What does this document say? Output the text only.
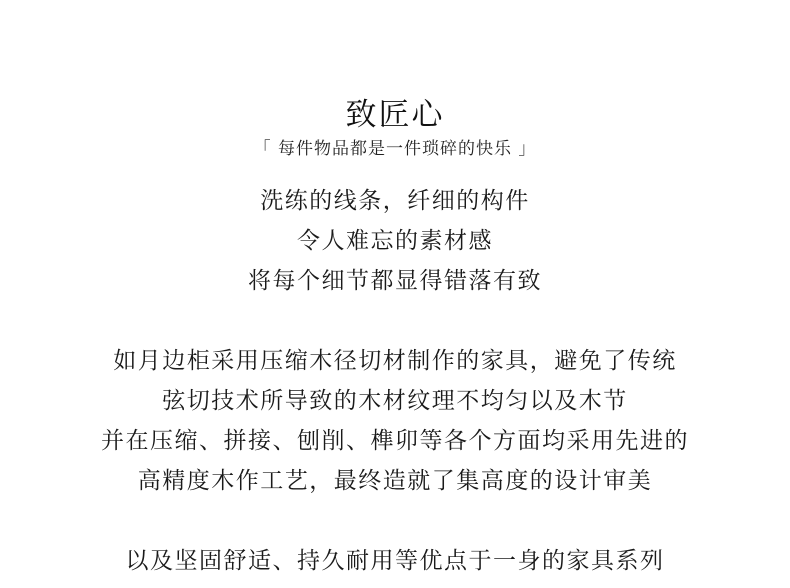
致匠心
「 每件物品都是一件琐碎的快乐 」
洗练的线条，纤细的构件
令人难忘的素材感
将每个细节都显得错落有致
如月边柜采用压缩木径切材制作的家具，避免了传统
弦切技术所导致的木材纹理不均匀以及木节
并在压缩、拼接、刨削、榫卯等各个方面均采用先进的
高精度木作工艺，最终造就了集高度的设计审美
以及坚固舒适、持久耐用等优点于一身的家具系列
